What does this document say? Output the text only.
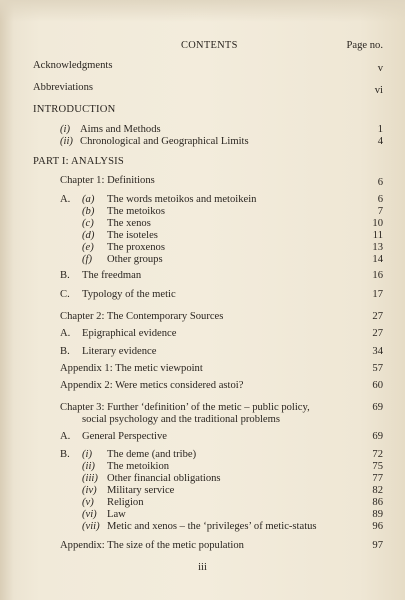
CONTENTS	Page no.
Acknowledgments	v
Abbreviations	vi
INTRODUCTION
(i) Aims and Methods	1
(ii) Chronological and Geographical Limits	4
PART I: ANALYSIS
Chapter 1: Definitions	6
A. (a) The words metoikos and metoikein	6
(b) The metoikos	7
(c) The xenos	10
(d) The isoteles	11
(e) The proxenos	13
(f) Other groups	14
B. The freedman	16
C. Typology of the metic	17
Chapter 2: The Contemporary Sources	27
A. Epigraphical evidence	27
B. Literary evidence	34
Appendix 1: The metic viewpoint	57
Appendix 2: Were metics considered astoi?	60
Chapter 3: Further ‘definition’ of the metic – public policy,	69
social psychology and the traditional problems
A. General Perspective	69
B. (i) The deme (and tribe)	72
(ii) The metoikion	75
(iii) Other financial obligations	77
(iv) Military service	82
(v) Religion	86
(vi) Law	89
(vii) Metic and xenos – the ‘privileges’ of metic-status	96
Appendix: The size of the metic population	97
iii
